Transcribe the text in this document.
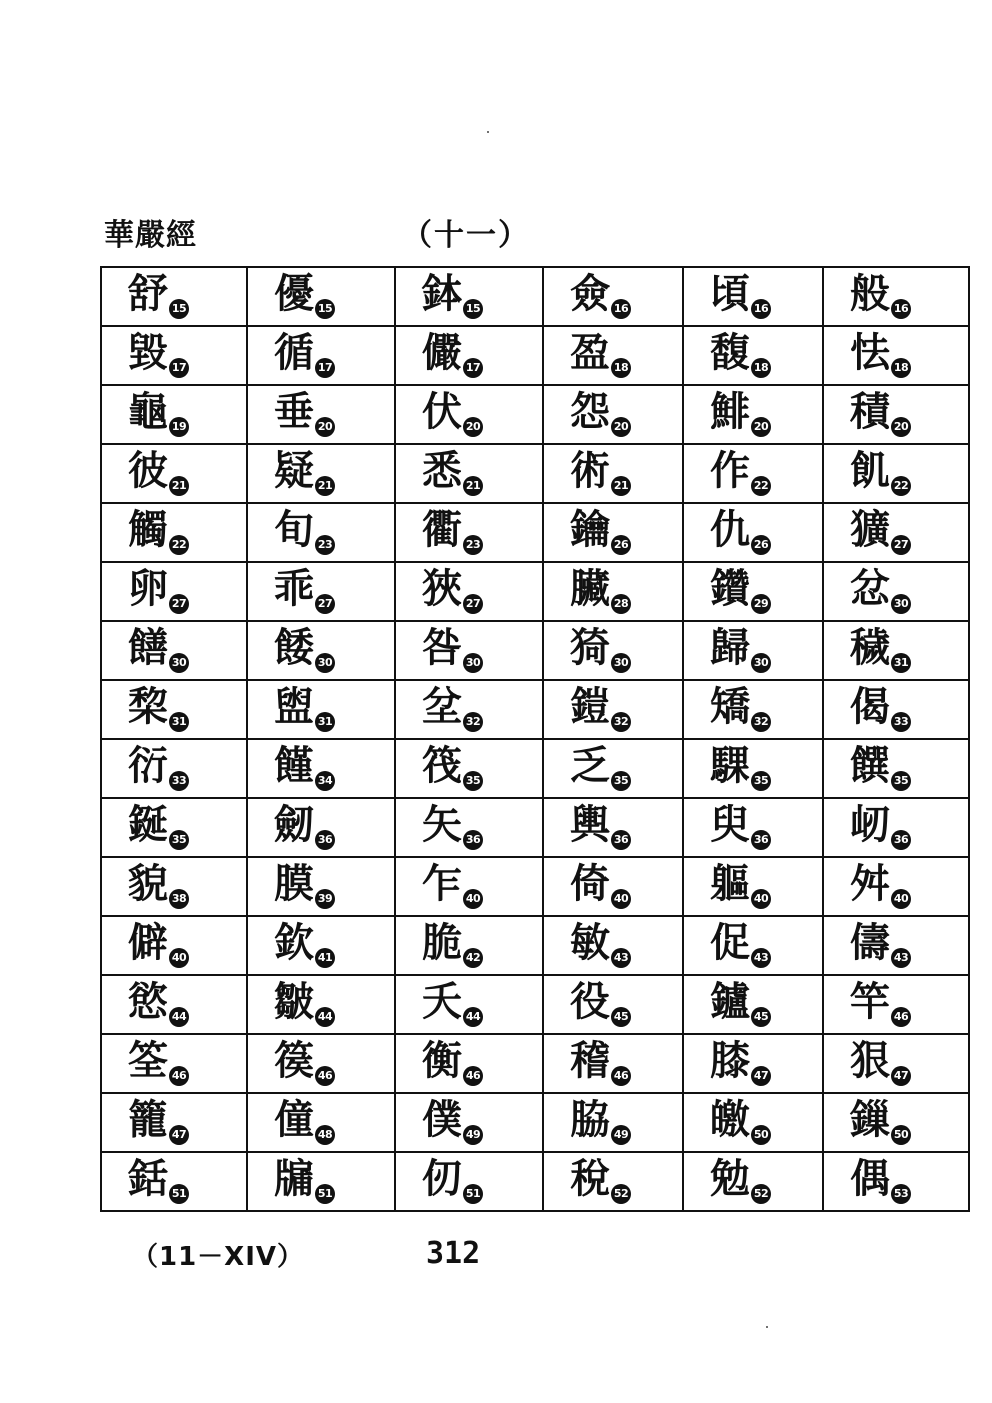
華嚴經	（十一）
舒 15	優 15	鉢 15	僉 16	頃 16	般 16
毀 17	循 17	儼 17	盈 18	馥 18	怯 18
龜 19	垂 20	伏 20	怨 20	鯡 20	積 20
彼 21	疑 21	悉 21	術 21	作 22	飢 22
觸 22	旬 23	衢 23	鑰 26	仇 26	獷 27
卵 27	乖 27	狹 27	臟 28	鑽 29	忿 30
饍 30	餧 30	咎 30	猗 30	歸 30	穢 31
棃 31	盥 31	坌 32	鎧 32	矯 32	偈 33
衍 33	饉 34	筏 35	乏 35	騍 35	饌 35
鋋 35	劒 36	矢 36	輿 36	臾 36	屻 36
貌 38	膜 39	乍 40	倚 40	軀 40	舛 40
僻 40	欽 41	脆 42	敏 43	促 43	儔 43
慾 44	皺 44	夭 44	役 45	鑪 45	竿 46
筌 46	篌 46	衡 46	稽 46	膝 47	狠 47
籠 47	僮 48	僕 49	脇 49	皦 50	鏁 50
銛 51	牖 51	仞 51	稅 52	勉 52	偶 53
（11－XIV）	312
